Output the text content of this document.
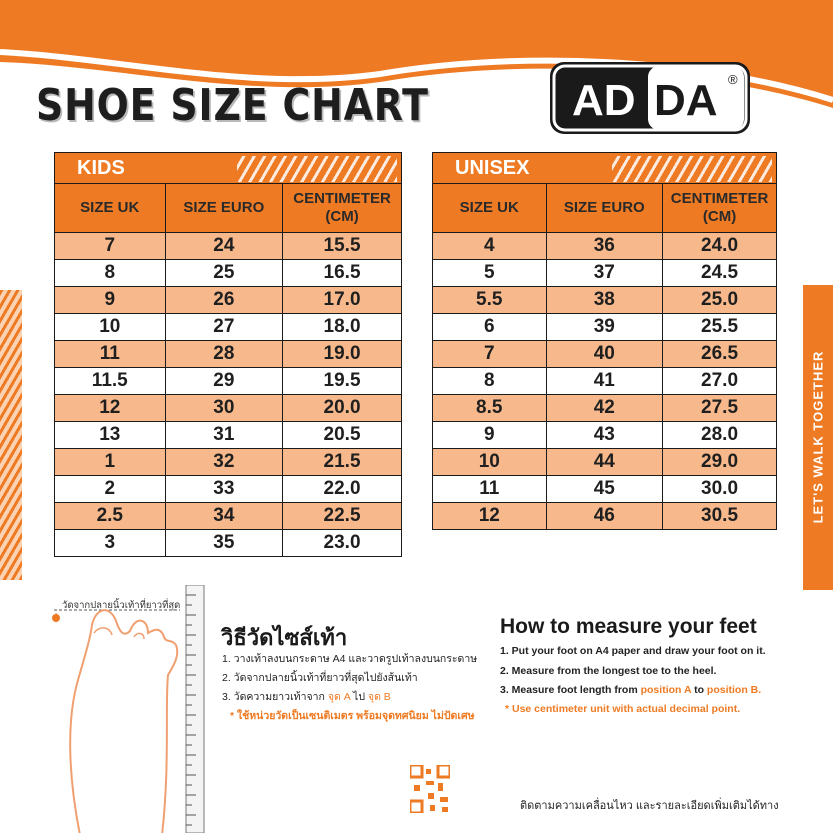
SHOE SIZE CHART	AD DA ®
LET'S WALK TOGETHER
KIDS		

SIZE UK	SIZE EURO	CENTIMETER (CM)
7	24	15.5
8	25	16.5
9	26	17.0
10	27	18.0
11	28	19.0
11.5	29	19.5
12	30	20.0
13	31	20.5
1	32	21.5
2	33	22.0
2.5	34	22.5
3	35	23.0
UNISEX		

SIZE UK	SIZE EURO	CENTIMETER (CM)
4	36	24.0
5	37	24.5
5.5	38	25.0
6	39	25.5
7	40	26.5
8	41	27.0
8.5	42	27.5
9	43	28.0
10	44	29.0
11	45	30.0
12	46	30.5
วัดจากปลายนิ้วเท้าที่ยาวที่สุด
A
วิธีวัดไซส์เท้า
1. วางเท้าลงบนกระดาษ A4 และวาดรูปเท้าลงบนกระดาษ
2. วัดจากปลายนิ้วเท้าที่ยาวที่สุดไปยังส้นเท้า
3. วัดความยาวเท้าจาก จุด A ไป จุด B
* ใช้หน่วยวัดเป็นเซนติเมตร พร้อมจุดทศนิยม ไม่ปัดเศษ
How to measure your feet
1. Put your foot on A4 paper and draw your foot on it.
2. Measure from the longest toe to the heel.
3. Measure foot length from position A to position B.
* Use centimeter unit with actual decimal point.
ติดตามความเคลื่อนไหว และรายละเอียดเพิ่มเติมได้ทาง
